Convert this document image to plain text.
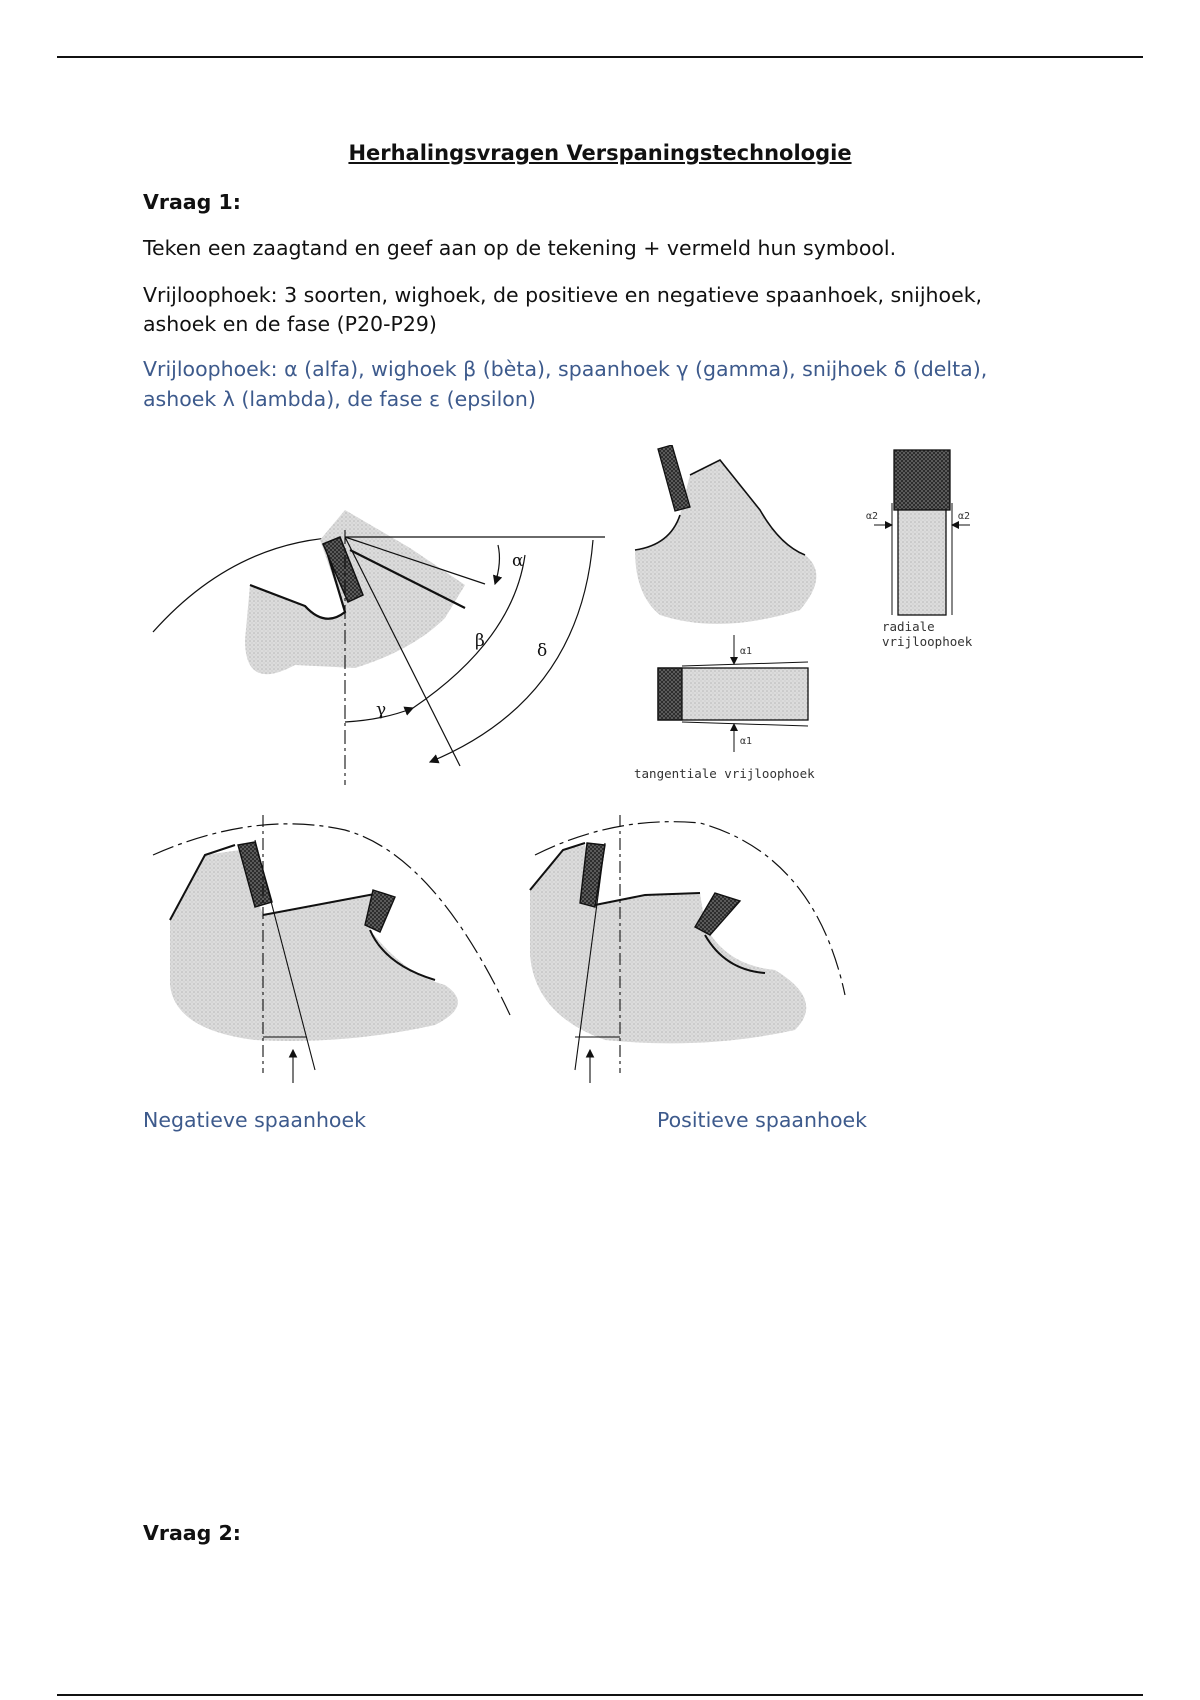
Herhalingsvragen Verspaningstechnologie
Vraag 1:
Teken een zaagtand en geef aan op de tekening + vermeld hun symbool.
Vrijloophoek: 3 soorten, wighoek, de positieve en negatieve spaanhoek, snijhoek,
ashoek en de fase (P20-P29)
Vrijloophoek: α (alfa), wighoek β (bèta), spaanhoek γ (gamma), snijhoek δ (delta),
ashoek λ (lambda), de fase ε (epsilon)
α
β
γ
δ
α2	α2
radiale
vrijloophoek
α1
α1
tangentiale vrijloophoek
Negatieve spaanhoek	Positieve spaanhoek
Vraag 2:
